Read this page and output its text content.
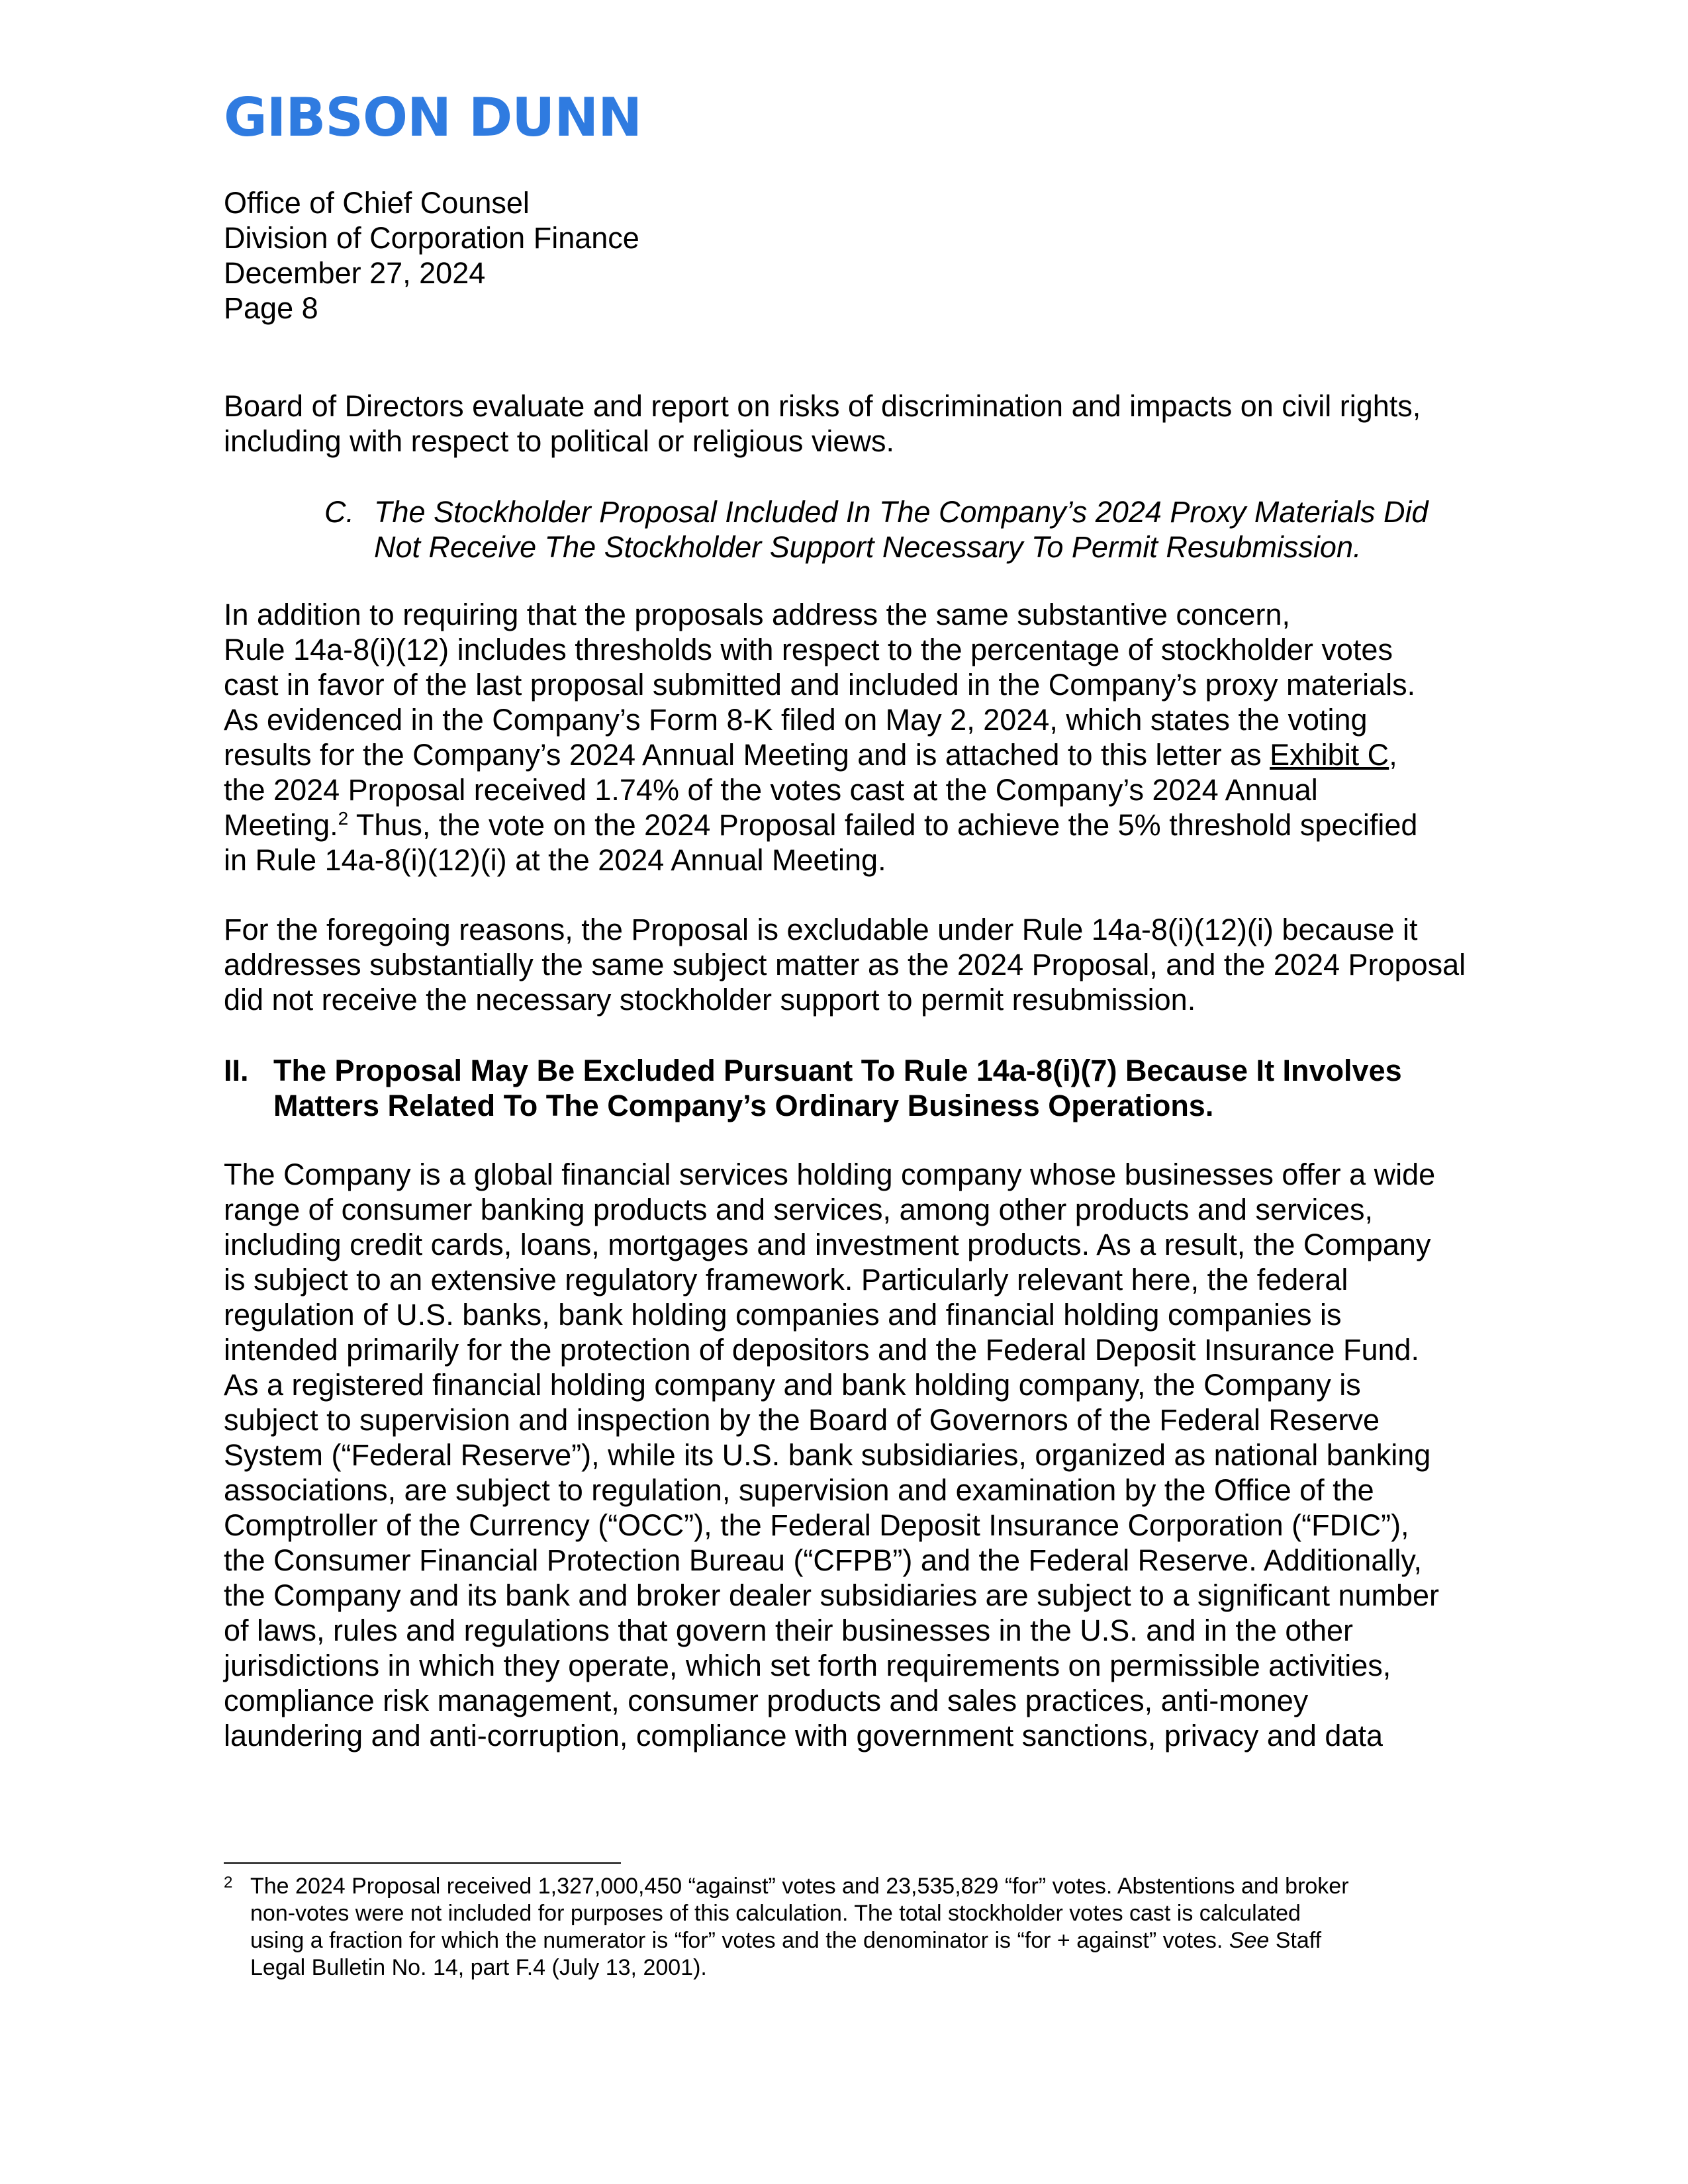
GIBSON DUNN
Office of Chief Counsel
Division of Corporation Finance
December 27, 2024
Page 8
Board of Directors evaluate and report on risks of discrimination and impacts on civil rights,
including with respect to political or religious views.
C. The Stockholder Proposal Included In The Company’s 2024 Proxy Materials Did
Not Receive The Stockholder Support Necessary To Permit Resubmission.
In addition to requiring that the proposals address the same substantive concern,
Rule 14a-8(i)(12) includes thresholds with respect to the percentage of stockholder votes
cast in favor of the last proposal submitted and included in the Company’s proxy materials.
As evidenced in the Company’s Form 8-K filed on May 2, 2024, which states the voting
results for the Company’s 2024 Annual Meeting and is attached to this letter as Exhibit C,
the 2024 Proposal received 1.74% of the votes cast at the Company’s 2024 Annual
Meeting.$^2$ Thus, the vote on the 2024 Proposal failed to achieve the 5% threshold specified
in Rule 14a-8(i)(12)(i) at the 2024 Annual Meeting.
For the foregoing reasons, the Proposal is excludable under Rule 14a-8(i)(12)(i) because it
addresses substantially the same subject matter as the 2024 Proposal, and the 2024 Proposal
did not receive the necessary stockholder support to permit resubmission.
II. The Proposal May Be Excluded Pursuant To Rule 14a-8(i)(7) Because It Involves
Matters Related To The Company’s Ordinary Business Operations.
The Company is a global financial services holding company whose businesses offer a wide
range of consumer banking products and services, among other products and services,
including credit cards, loans, mortgages and investment products. As a result, the Company
is subject to an extensive regulatory framework. Particularly relevant here, the federal
regulation of U.S. banks, bank holding companies and financial holding companies is
intended primarily for the protection of depositors and the Federal Deposit Insurance Fund.
As a registered financial holding company and bank holding company, the Company is
subject to supervision and inspection by the Board of Governors of the Federal Reserve
System (“Federal Reserve”), while its U.S. bank subsidiaries, organized as national banking
associations, are subject to regulation, supervision and examination by the Office of the
Comptroller of the Currency (“OCC”), the Federal Deposit Insurance Corporation (“FDIC”),
the Consumer Financial Protection Bureau (“CFPB”) and the Federal Reserve. Additionally,
the Company and its bank and broker dealer subsidiaries are subject to a significant number
of laws, rules and regulations that govern their businesses in the U.S. and in the other
jurisdictions in which they operate, which set forth requirements on permissible activities,
compliance risk management, consumer products and sales practices, anti-money
laundering and anti-corruption, compliance with government sanctions, privacy and data
2 The 2024 Proposal received 1,327,000,450 “against” votes and 23,535,829 “for” votes. Abstentions and broker
non-votes were not included for purposes of this calculation. The total stockholder votes cast is calculated
using a fraction for which the numerator is “for” votes and the denominator is “for + against” votes. See Staff
Legal Bulletin No. 14, part F.4 (July 13, 2001).
